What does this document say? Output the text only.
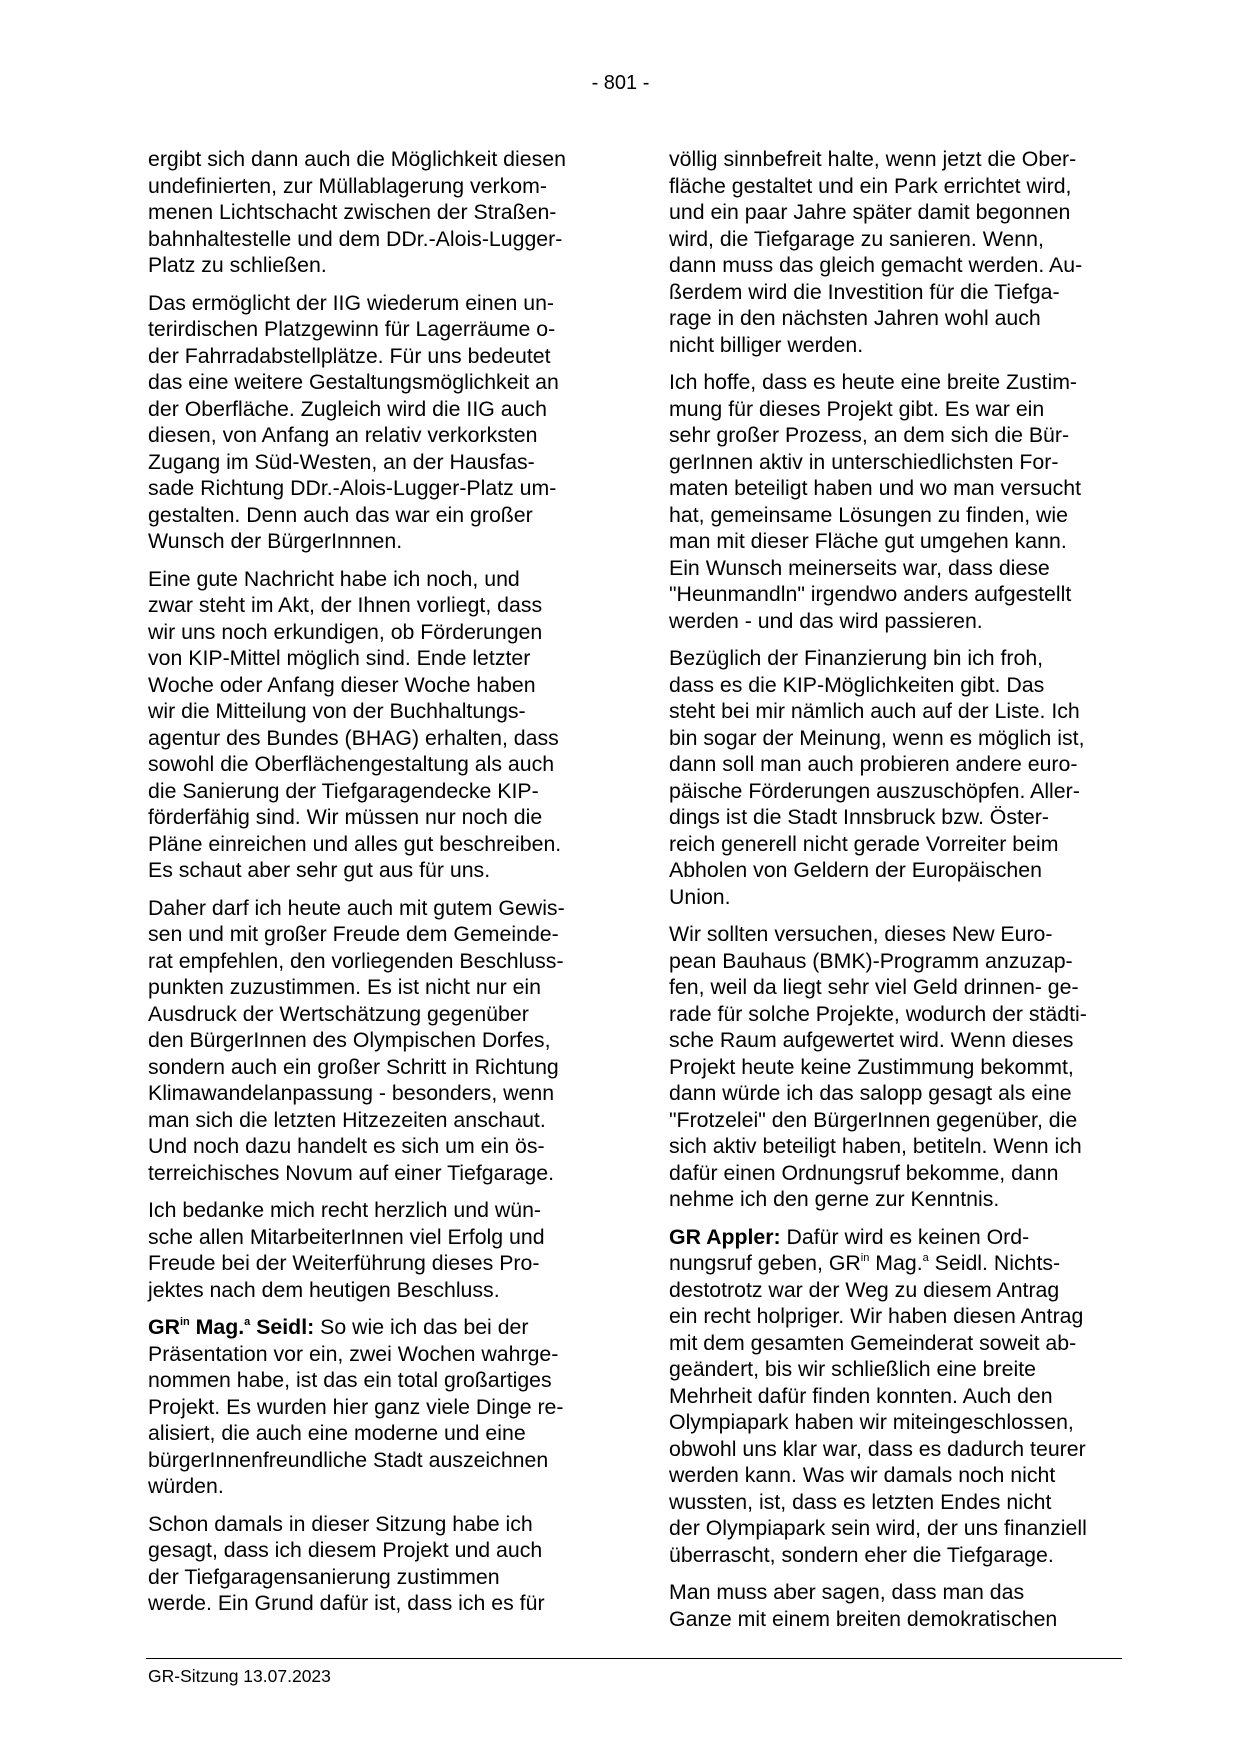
- 801 -

ergibt sich dann auch die Möglichkeit diesen
undefinierten, zur Müllablagerung verkom-
menen Lichtschacht zwischen der Straßen-
bahnhaltestelle und dem DDr.-Alois-Lugger-
Platz zu schließen.

Das ermöglicht der IIG wiederum einen un-
terirdischen Platzgewinn für Lagerräume o-
der Fahrradabstellplätze. Für uns bedeutet
das eine weitere Gestaltungsmöglichkeit an
der Oberfläche. Zugleich wird die IIG auch
diesen, von Anfang an relativ verkorksten
Zugang im Süd-Westen, an der Hausfas-
sade Richtung DDr.-Alois-Lugger-Platz um-
gestalten. Denn auch das war ein großer
Wunsch der BürgerInnnen.

Eine gute Nachricht habe ich noch, und
zwar steht im Akt, der Ihnen vorliegt, dass
wir uns noch erkundigen, ob Förderungen
von KIP-Mittel möglich sind. Ende letzter
Woche oder Anfang dieser Woche haben
wir die Mitteilung von der Buchhaltungs-
agentur des Bundes (BHAG) erhalten, dass
sowohl die Oberflächengestaltung als auch
die Sanierung der Tiefgaragendecke KIP-
förderfähig sind. Wir müssen nur noch die
Pläne einreichen und alles gut beschreiben.
Es schaut aber sehr gut aus für uns.

Daher darf ich heute auch mit gutem Gewis-
sen und mit großer Freude dem Gemeinde-
rat empfehlen, den vorliegenden Beschluss-
punkten zuzustimmen. Es ist nicht nur ein
Ausdruck der Wertschätzung gegenüber
den BürgerInnen des Olympischen Dorfes,
sondern auch ein großer Schritt in Richtung
Klimawandelanpassung - besonders, wenn
man sich die letzten Hitzezeiten anschaut.
Und noch dazu handelt es sich um ein ös-
terreichisches Novum auf einer Tiefgarage.

Ich bedanke mich recht herzlich und wün-
sche allen MitarbeiterInnen viel Erfolg und
Freude bei der Weiterführung dieses Pro-
jektes nach dem heutigen Beschluss.

$GR^{in}$ Mag.$^a$ Seidl: So wie ich das bei der
Präsentation vor ein, zwei Wochen wahrge-
nommen habe, ist das ein total großartiges
Projekt. Es wurden hier ganz viele Dinge re-
alisiert, die auch eine moderne und eine
bürgerInnenfreundliche Stadt auszeichnen
würden.

Schon damals in dieser Sitzung habe ich
gesagt, dass ich diesem Projekt und auch
der Tiefgaragensanierung zustimmen
werde. Ein Grund dafür ist, dass ich es für

völlig sinnbefreit halte, wenn jetzt die Ober-
fläche gestaltet und ein Park errichtet wird,
und ein paar Jahre später damit begonnen
wird, die Tiefgarage zu sanieren. Wenn,
dann muss das gleich gemacht werden. Au-
ßerdem wird die Investition für die Tiefga-
rage in den nächsten Jahren wohl auch
nicht billiger werden.

Ich hoffe, dass es heute eine breite Zustim-
mung für dieses Projekt gibt. Es war ein
sehr großer Prozess, an dem sich die Bür-
gerInnen aktiv in unterschiedlichsten For-
maten beteiligt haben und wo man versucht
hat, gemeinsame Lösungen zu finden, wie
man mit dieser Fläche gut umgehen kann.
Ein Wunsch meinerseits war, dass diese
"Heunmandln" irgendwo anders aufgestellt
werden - und das wird passieren.

Bezüglich der Finanzierung bin ich froh,
dass es die KIP-Möglichkeiten gibt. Das
steht bei mir nämlich auch auf der Liste. Ich
bin sogar der Meinung, wenn es möglich ist,
dann soll man auch probieren andere euro-
päische Förderungen auszuschöpfen. Aller-
dings ist die Stadt Innsbruck bzw. Öster-
reich generell nicht gerade Vorreiter beim
Abholen von Geldern der Europäischen
Union.

Wir sollten versuchen, dieses New Euro-
pean Bauhaus (BMK)-Programm anzuzap-
fen, weil da liegt sehr viel Geld drinnen- ge-
rade für solche Projekte, wodurch der städti-
sche Raum aufgewertet wird. Wenn dieses
Projekt heute keine Zustimmung bekommt,
dann würde ich das salopp gesagt als eine
"Frotzelei" den BürgerInnen gegenüber, die
sich aktiv beteiligt haben, betiteln. Wenn ich
dafür einen Ordnungsruf bekomme, dann
nehme ich den gerne zur Kenntnis.

GR Appler: Dafür wird es keinen Ord-
nungsruf geben, $GR^{in}$ Mag.$^a$ Seidl. Nichts-
destotrotz war der Weg zu diesem Antrag
ein recht holpriger. Wir haben diesen Antrag
mit dem gesamten Gemeinderat soweit ab-
geändert, bis wir schließlich eine breite
Mehrheit dafür finden konnten. Auch den
Olympiapark haben wir miteingeschlossen,
obwohl uns klar war, dass es dadurch teurer
werden kann. Was wir damals noch nicht
wussten, ist, dass es letzten Endes nicht
der Olympiapark sein wird, der uns finanziell
überrascht, sondern eher die Tiefgarage.

Man muss aber sagen, dass man das
Ganze mit einem breiten demokratischen

GR-Sitzung 13.07.2023
